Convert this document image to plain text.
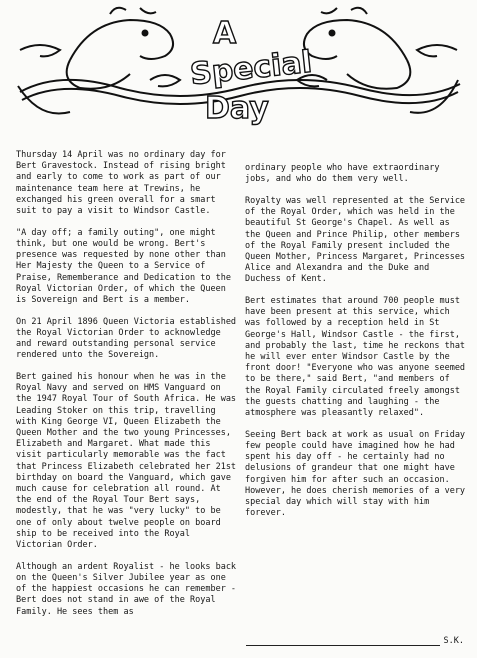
A
Special
Day

Thursday 14 April was no ordinary day for Bert Gravestock. Instead of rising bright and early to come to work as part of our maintenance team here at Trewins, he exchanged his green overall for a smart suit to pay a visit to Windsor Castle.

"A day off; a family outing", one might think, but one would be wrong. Bert's presence was requested by none other than Her Majesty the Queen to a Service of Praise, Rememberance and Dedication to the Royal Victorian Order, of which the Queen is Sovereign and Bert is a member.

On 21 April 1896 Queen Victoria established the Royal Victorian Order to acknowledge and reward outstanding personal service rendered unto the Sovereign.

Bert gained his honour when he was in the Royal Navy and served on HMS Vanguard on the 1947 Royal Tour of South Africa. He was Leading Stoker on this trip, travelling with King George VI, Queen Elizabeth the Queen Mother and the two young Princesses, Elizabeth and Margaret. What made this visit particularly memorable was the fact that Princess Elizabeth celebrated her 21st birthday on board the Vanguard, which gave much cause for celebration all round. At the end of the Royal Tour Bert says, modestly, that he was "very lucky" to be one of only about twelve people on board ship to be received into the Royal Victorian Order.

Although an ardent Royalist - he looks back on the Queen's Silver Jubilee year as one of the happiest occasions he can remember - Bert does not stand in awe of the Royal Family. He sees them as

ordinary people who have extraordinary jobs, and who do them very well.

Royalty was well represented at the Service of the Royal Order, which was held in the beautiful St George's Chapel. As well as the Queen and Prince Philip, other members of the Royal Family present included the Queen Mother, Princess Margaret, Princesses Alice and Alexandra and the Duke and Duchess of Kent.

Bert estimates that around 700 people must have been present at this service, which was followed by a reception held in St George's Hall, Windsor Castle - the first, and probably the last, time he reckons that he will ever enter Windsor Castle by the front door! "Everyone who was anyone seemed to be there," said Bert, "and members of the Royal Family circulated freely amongst the guests chatting and laughing - the atmosphere was pleasantly relaxed".

Seeing Bert back at work as usual on Friday few people could have imagined how he had spent his day off - he certainly had no delusions of grandeur that one might have forgiven him for after such an occasion. However, he does cherish memories of a very special day which will stay with him forever.

S.K.
